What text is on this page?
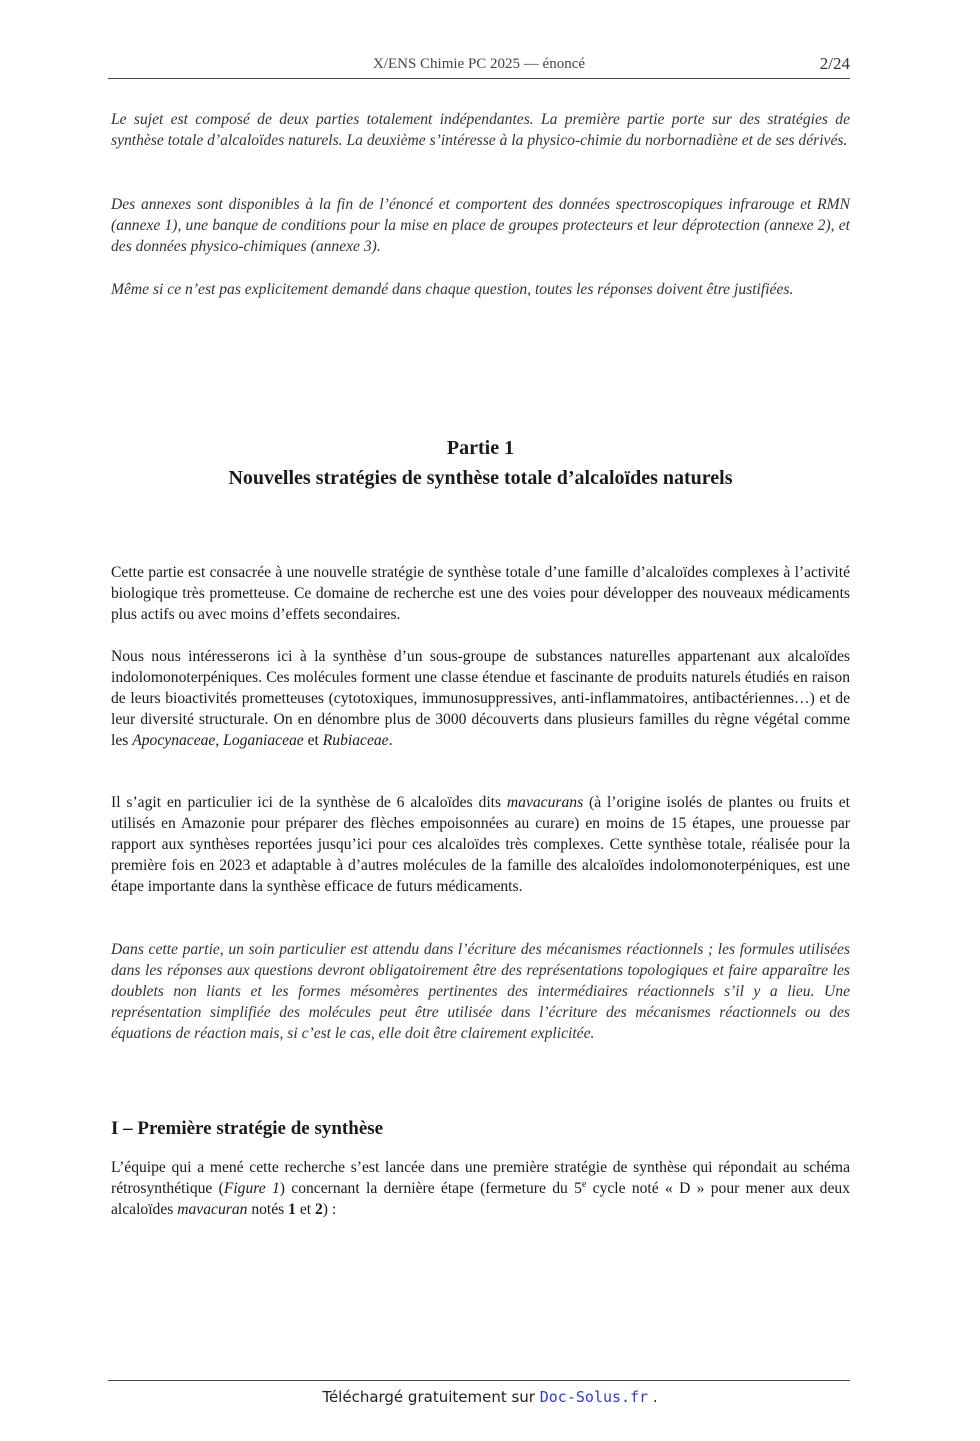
X/ENS Chimie PC 2025 — énoncé	2/24

Le sujet est composé de deux parties totalement indépendantes. La première partie porte sur des stratégies de synthèse totale d’alcaloïdes naturels. La deuxième s’intéresse à la physico-chimie du norbornadiène et de ses dérivés.

Des annexes sont disponibles à la fin de l’énoncé et comportent des données spectroscopiques infrarouge et RMN (annexe 1), une banque de conditions pour la mise en place de groupes protecteurs et leur déprotection (annexe 2), et des données physico-chimiques (annexe 3).

Même si ce n’est pas explicitement demandé dans chaque question, toutes les réponses doivent être justifiées.

Partie 1
Nouvelles stratégies de synthèse totale d’alcaloïdes naturels

Cette partie est consacrée à une nouvelle stratégie de synthèse totale d’une famille d’alcaloïdes complexes à l’activité biologique très prometteuse. Ce domaine de recherche est une des voies pour développer des nouveaux médicaments plus actifs ou avec moins d’effets secondaires.

Nous nous intéresserons ici à la synthèse d’un sous-groupe de substances naturelles appartenant aux alcaloïdes indolomonoterpéniques. Ces molécules forment une classe étendue et fascinante de produits naturels étudiés en raison de leurs bioactivités prometteuses (cytotoxiques, immunosuppressives, anti-inflammatoires, antibactériennes…) et de leur diversité structurale. On en dénombre plus de 3000 découverts dans plusieurs familles du règne végétal comme les Apocynaceae, Loganiaceae et Rubiaceae.

Il s’agit en particulier ici de la synthèse de 6 alcaloïdes dits mavacurans (à l’origine isolés de plantes ou fruits et utilisés en Amazonie pour préparer des flèches empoisonnées au curare) en moins de 15 étapes, une prouesse par rapport aux synthèses reportées jusqu’ici pour ces alcaloïdes très complexes. Cette synthèse totale, réalisée pour la première fois en 2023 et adaptable à d’autres molécules de la famille des alcaloïdes indolomonoterpéniques, est une étape importante dans la synthèse efficace de futurs médicaments.

Dans cette partie, un soin particulier est attendu dans l’écriture des mécanismes réactionnels ; les formules utilisées dans les réponses aux questions devront obligatoirement être des représentations topologiques et faire apparaître les doublets non liants et les formes mésomères pertinentes des intermédiaires réactionnels s’il y a lieu. Une représentation simplifiée des molécules peut être utilisée dans l’écriture des mécanismes réactionnels ou des équations de réaction mais, si c’est le cas, elle doit être clairement explicitée.

I – Première stratégie de synthèse

L’équipe qui a mené cette recherche s’est lancée dans une première stratégie de synthèse qui répondait au schéma rétrosynthétique (Figure 1) concernant la dernière étape (fermeture du 5e cycle noté « D » pour mener aux deux alcaloïdes mavacuran notés 1 et 2) :

Téléchargé gratuitement sur Doc-Solus.fr .
